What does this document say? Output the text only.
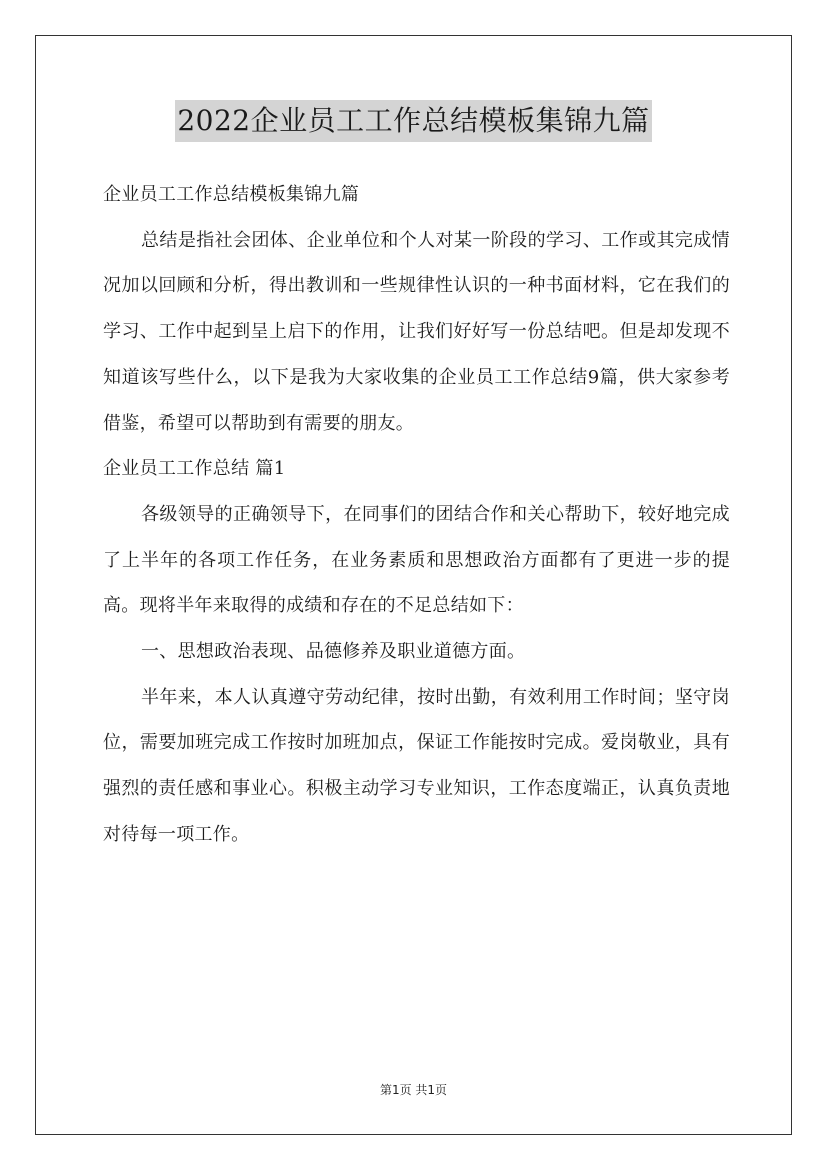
2022企业员工工作总结模板集锦九篇

企业员工工作总结模板集锦九篇

总结是指社会团体、企业单位和个人对某一阶段的学习、工作或其完成情况加以回顾和分析，得出教训和一些规律性认识的一种书面材料，它在我们的学习、工作中起到呈上启下的作用，让我们好好写一份总结吧。但是却发现不知道该写些什么，以下是我为大家收集的企业员工工作总结9篇，供大家参考借鉴，希望可以帮助到有需要的朋友。

企业员工工作总结 篇1

各级领导的正确领导下，在同事们的团结合作和关心帮助下，较好地完成了上半年的各项工作任务，在业务素质和思想政治方面都有了更进一步的提高。现将半年来取得的成绩和存在的不足总结如下：

一、思想政治表现、品德修养及职业道德方面。

半年来，本人认真遵守劳动纪律，按时出勤，有效利用工作时间；坚守岗位，需要加班完成工作按时加班加点，保证工作能按时完成。爱岗敬业，具有强烈的责任感和事业心。积极主动学习专业知识，工作态度端正，认真负责地对待每一项工作。

第1页 共1页
